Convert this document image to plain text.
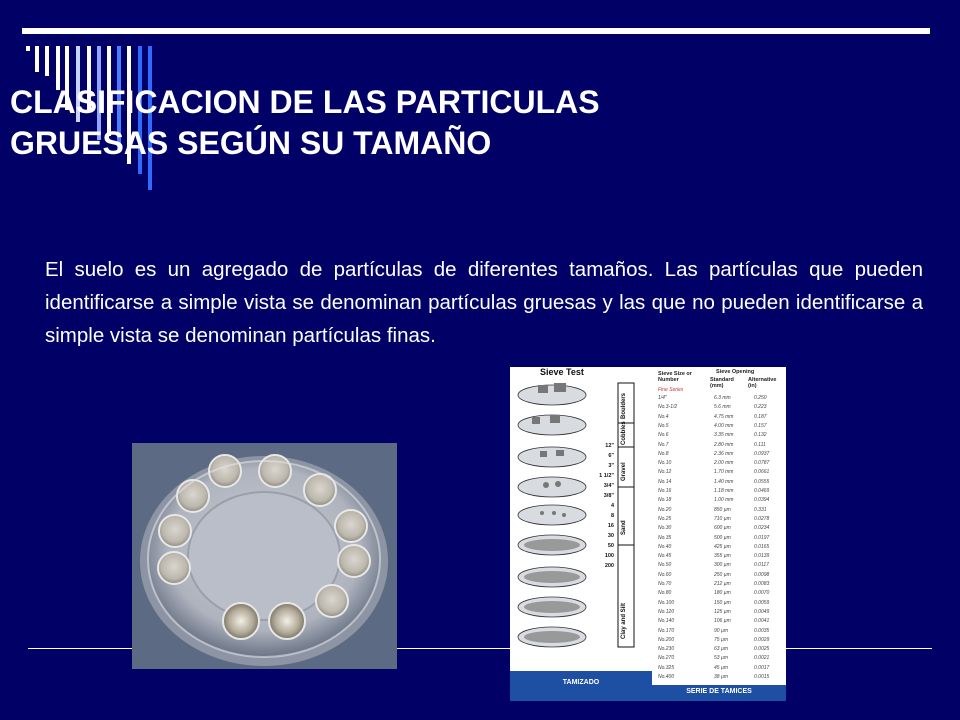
CLASIFICACION DE LAS PARTICULAS
GRUESAS SEGÚN SU TAMAÑO

El suelo es un agregado de partículas de diferentes tamaños. Las partículas que pueden identificarse a simple vista se denominan partículas gruesas y las que no pueden identificarse a simple vista se denominan partículas finas.

Sieve Test
12"
6"
3"
1 1/2"
3/4"
3/8"
4
8
16
30
50
100
200
Boulders
Cobbles
Gravel
Sand
Clay and Silt
TAMIZADO
Sieve Size or Number
Sieve Opening
Standard (mm)
Alternative (in)
Fine Series
1/4"	6.3 mm	0.250
No.3-1/2	5.6 mm	0.223
No.4	4.75 mm	0.187
No.5	4.00 mm	0.157
No.6	3.35 mm	0.132
No.7	2.80 mm	0.111
No.8	2.36 mm	0.0937
No.10	2.00 mm	0.0787
No.12	1.70 mm	0.0661
No.14	1.40 mm	0.0555
No.16	1.18 mm	0.0469
No.18	1.00 mm	0.0394
No.20	850 µm	0.331
No.25	710 µm	0.0278
No.30	600 µm	0.0234
No.35	500 µm	0.0197
No.40	425 µm	0.0165
No.45	355 µm	0.0139
No.50	300 µm	0.0117
No.60	250 µm	0.0098
No.70	212 µm	0.0083
No.80	180 µm	0.0070
No.100	150 µm	0.0059
No.120	125 µm	0.0049
No.140	106 µm	0.0041
No.170	90 µm	0.0035
No.200	75 µm	0.0029
No.230	63 µm	0.0025
No.270	53 µm	0.0021
No.325	45 µm	0.0017
No.400	38 µm	0.0015
SERIE DE TAMICES
